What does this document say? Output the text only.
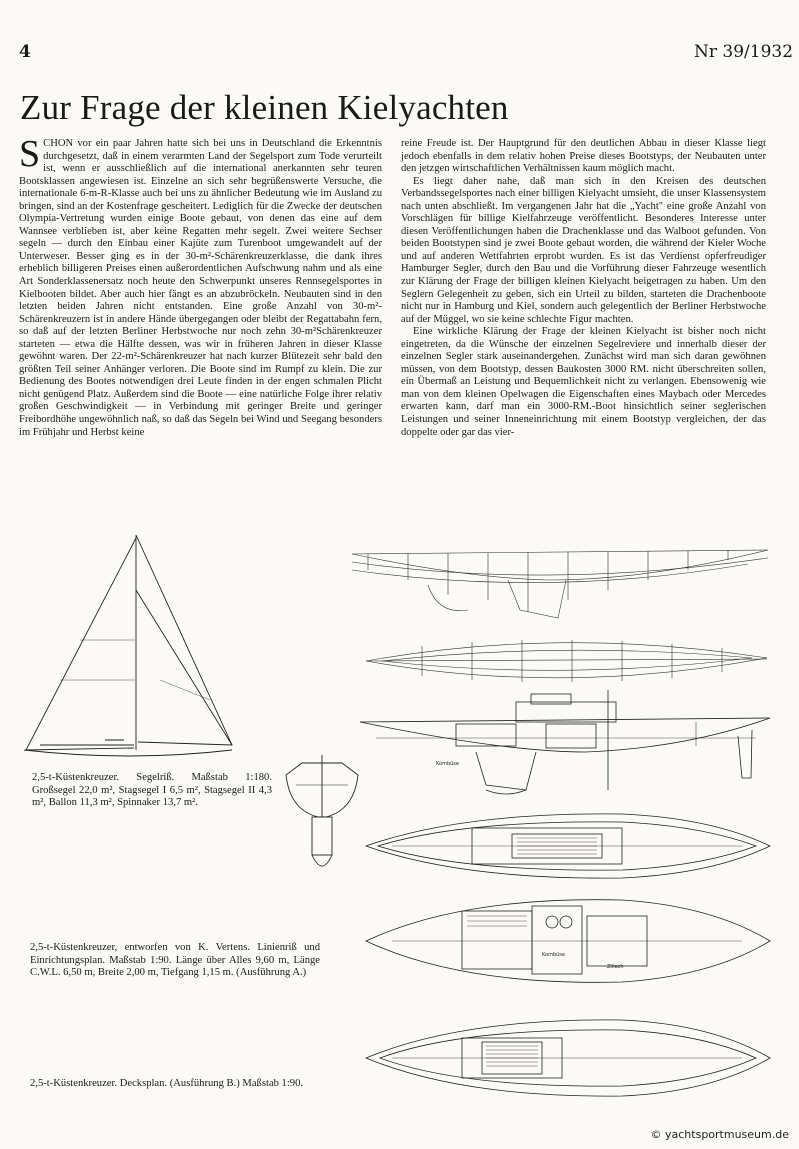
4	Nr 39/1932
Zur Frage der kleinen Kielyachten

SCHON vor ein paar Jahren hatte sich bei uns in Deutschland die Erkenntnis durchgesetzt, daß in einem verarmten Land der Segelsport zum Tode verurteilt ist, wenn er ausschließlich auf die international anerkannten sehr teuren Bootsklassen angewiesen ist. Einzelne an sich sehr begrüßenswerte Versuche, die internationale 6-m-R-Klasse auch bei uns zu ähnlicher Bedeutung wie im Ausland zu bringen, sind an der Kostenfrage gescheitert. Lediglich für die Zwecke der deutschen Olympia-Vertretung wurden einige Boote gebaut, von denen das eine auf dem Wannsee verblieben ist, aber keine Regatten mehr segelt. Zwei weitere Sechser segeln — durch den Einbau einer Kajüte zum Turenboot umgewandelt auf der Unterweser. Besser ging es in der 30-m²-Schärenkreuzerklasse, die dank ihres erheblich billigeren Preises einen außerordentlichen Aufschwung nahm und als eine Art Sonderklassenersatz noch heute den Schwerpunkt unseres Rennsegelsportes in Kielbooten bildet. Aber auch hier fängt es an abzubröckeln. Neubauten sind in den letzten beiden Jahren nicht entstanden. Eine große Anzahl von 30-m²-Schärenkreuzern ist in andere Hände übergegangen oder bleibt der Regattabahn fern, so daß auf der letzten Berliner Herbstwoche nur noch zehn 30-m²Schärenkreuzer starteten — etwa die Hälfte dessen, was wir in früheren Jahren in dieser Klasse gewöhnt waren. Der 22-m²-Schärenkreuzer hat nach kurzer Blütezeit sehr bald den größten Teil seiner Anhänger verloren. Die Boote sind im Rumpf zu klein. Die zur Bedienung des Bootes notwendigen drei Leute finden in der engen schmalen Plicht nicht genügend Platz. Außerdem sind die Boote — eine natürliche Folge ihrer relativ großen Geschwindigkeit — in Verbindung mit geringer Breite und geringer Freibordhöhe ungewöhnlich naß, so daß das Segeln bei Wind und Seegang besonders im Frühjahr und Herbst keine

reine Freude ist. Der Hauptgrund für den deutlichen Abbau in dieser Klasse liegt jedoch ebenfalls in dem relativ hohen Preise dieses Bootstyps, der Neubauten unter den jetzgen wirtschaftlichen Verhältnissen kaum möglich macht.

Es liegt daher nahe, daß man sich in den Kreisen des deutschen Verbandssegelsportes nach einer billigen Kielyacht umsieht, die unser Klassensystem nach unten abschließt. Im vergangenen Jahr hat die „Yacht" eine große Anzahl von Vorschlägen für billige Kielfahrzeuge veröffentlicht. Besonderes Interesse unter diesen Veröffentlichungen haben die Drachenklasse und das Walboot gefunden. Von beiden Bootstypen sind je zwei Boote gebaut worden, die während der Kieler Woche und auf anderen Wettfahrten erprobt wurden. Es ist das Verdienst opferfreudiger Hamburger Segler, durch den Bau und die Vorführung dieser Fahrzeuge wesentlich zur Klärung der Frage der billigen kleinen Kielyacht beigetragen zu haben. Um den Seglern Gelegenheit zu geben, sich ein Urteil zu bilden, starteten die Drachenboote nicht nur in Hamburg und Kiel, sondern auch gelegentlich der Berliner Herbstwoche auf der Müggel, wo sie keine schlechte Figur machten.

Eine wirkliche Klärung der Frage der kleinen Kielyacht ist bisher noch nicht eingetreten, da die Wünsche der einzelnen Segelreviere und innerhalb dieser der einzelnen Segler stark auseinandergehen. Zunächst wird man sich daran gewöhnen müssen, von dem Bootstyp, dessen Baukosten 3000 RM. nicht überschreiten sollen, ein Übermaß an Leistung und Bequemlichkeit nicht zu verlangen. Ebensowenig wie man von dem kleinen Opelwagen die Eigenschaften eines Maybach oder Mercedes erwarten kann, darf man ein 3000-RM.-Boot hinsichtlich seiner seglerischen Leistungen und seiner Inneneinrichtung mit einem Bootstyp vergleichen, der das doppelte oder gar das vier-

Kombüse
Kombüse
Zillach
2,5-t-Küstenkreuzer. Segelriß. Maßstab 1:180. Großsegel 22,0 m², Stagsegel I 6,5 m², Stagsegel II 4,3 m², Ballon 11,3 m², Spinnaker 13,7 m².
2,5-t-Küstenkreuzer, entworfen von K. Vertens. Linienriß und Einrichtungsplan. Maßstab 1:90. Länge über Alles 9,60 m, Länge C.W.L. 6,50 m, Breite 2,00 m, Tiefgang 1,15 m. (Ausführung A.)
2,5-t-Küstenkreuzer. Decksplan. (Ausführung B.) Maßstab 1:90.
© yachtsportmuseum.de
